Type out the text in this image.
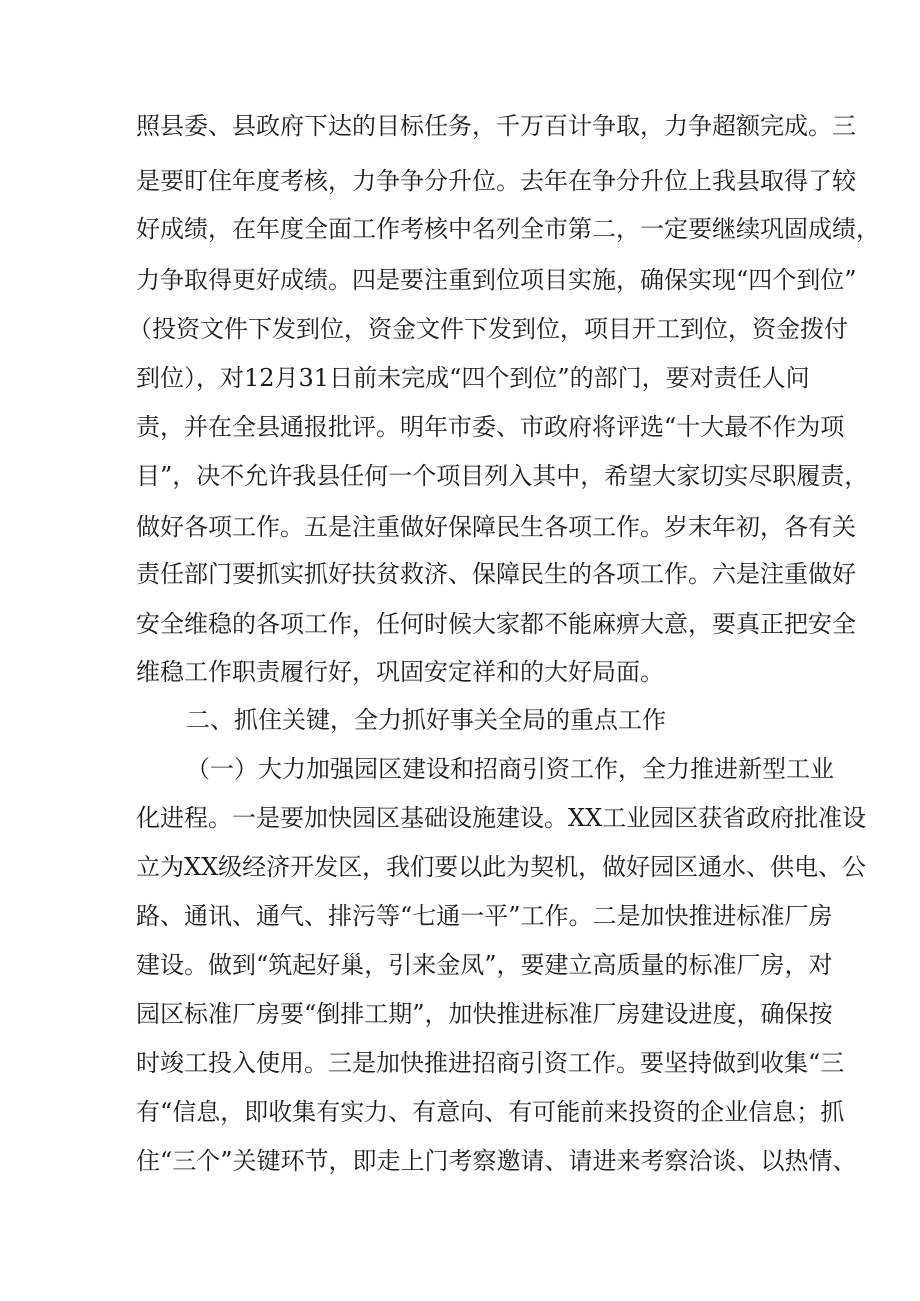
照县委、县政府下达的目标任务，千万百计争取，力争超额完成。三
是要盯住年度考核，力争争分升位。去年在争分升位上我县取得了较
好成绩，在年度全面工作考核中名列全市第二，一定要继续巩固成绩，
力争取得更好成绩。四是要注重到位项目实施，确保实现“四个到位”
（投资文件下发到位，资金文件下发到位，项目开工到位，资金拨付
到位），对12月31日前未完成“四个到位”的部门，要对责任人问
责，并在全县通报批评。明年市委、市政府将评选“十大最不作为项
目”，决不允许我县任何一个项目列入其中，希望大家切实尽职履责，
做好各项工作。五是注重做好保障民生各项工作。岁末年初，各有关
责任部门要抓实抓好扶贫救济、保障民生的各项工作。六是注重做好
安全维稳的各项工作，任何时候大家都不能麻痹大意，要真正把安全
维稳工作职责履行好，巩固安定祥和的大好局面。
二、抓住关键，全力抓好事关全局的重点工作
（一）大力加强园区建设和招商引资工作，全力推进新型工业
化进程。一是要加快园区基础设施建设。XX工业园区获省政府批准设
立为XX级经济开发区，我们要以此为契机，做好园区通水、供电、公
路、通讯、通气、排污等“七通一平”工作。二是加快推进标准厂房
建设。做到“筑起好巢，引来金凤”，要建立高质量的标准厂房，对
园区标准厂房要“倒排工期”，加快推进标准厂房建设进度，确保按
时竣工投入使用。三是加快推进招商引资工作。要坚持做到收集“三
有“信息，即收集有实力、有意向、有可能前来投资的企业信息；抓
住“三个”关键环节，即走上门考察邀请、请进来考察洽谈、以热情、
